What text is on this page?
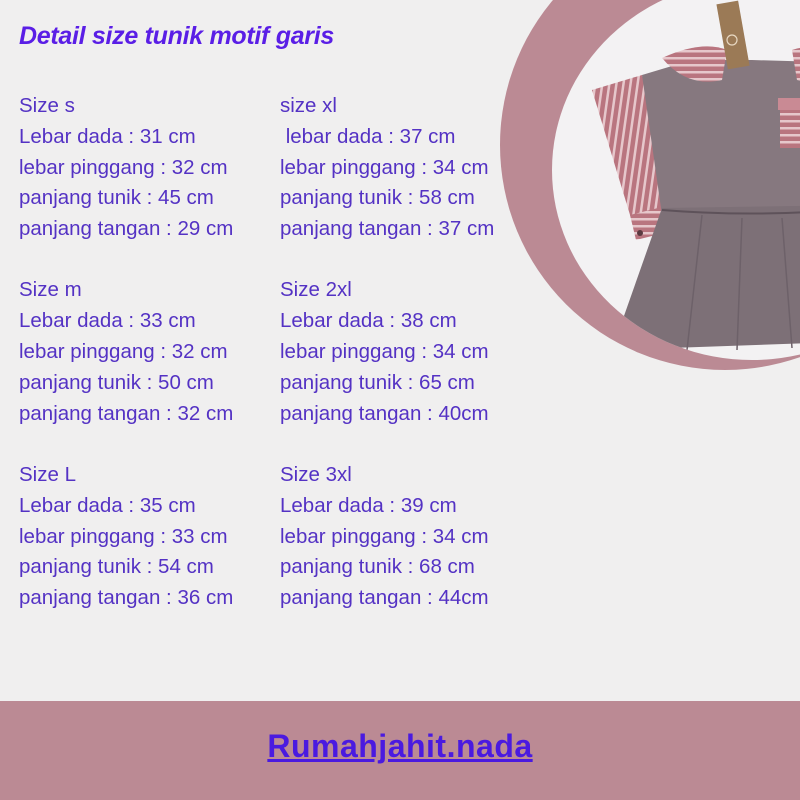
Detail size tunik motif garis

Size s

Lebar dada : 31 cm

lebar pinggang : 32 cm

panjang tunik : 45 cm

panjang tangan : 29 cm

Size m

Lebar dada : 33 cm

lebar pinggang : 32 cm

panjang tunik : 50 cm

panjang tangan : 32 cm

Size L

Lebar dada : 35 cm

lebar pinggang : 33 cm

panjang tunik : 54 cm

panjang tangan : 36 cm

size xl

lebar dada : 37 cm

lebar pinggang : 34 cm

panjang tunik : 58 cm

panjang tangan : 37 cm

Size 2xl

Lebar dada : 38 cm

lebar pinggang : 34 cm

panjang tunik : 65 cm

panjang tangan : 40cm

Size 3xl

Lebar dada : 39 cm

lebar pinggang : 34 cm

panjang tunik : 68 cm

panjang tangan : 44cm

Rumahjahit.nada
